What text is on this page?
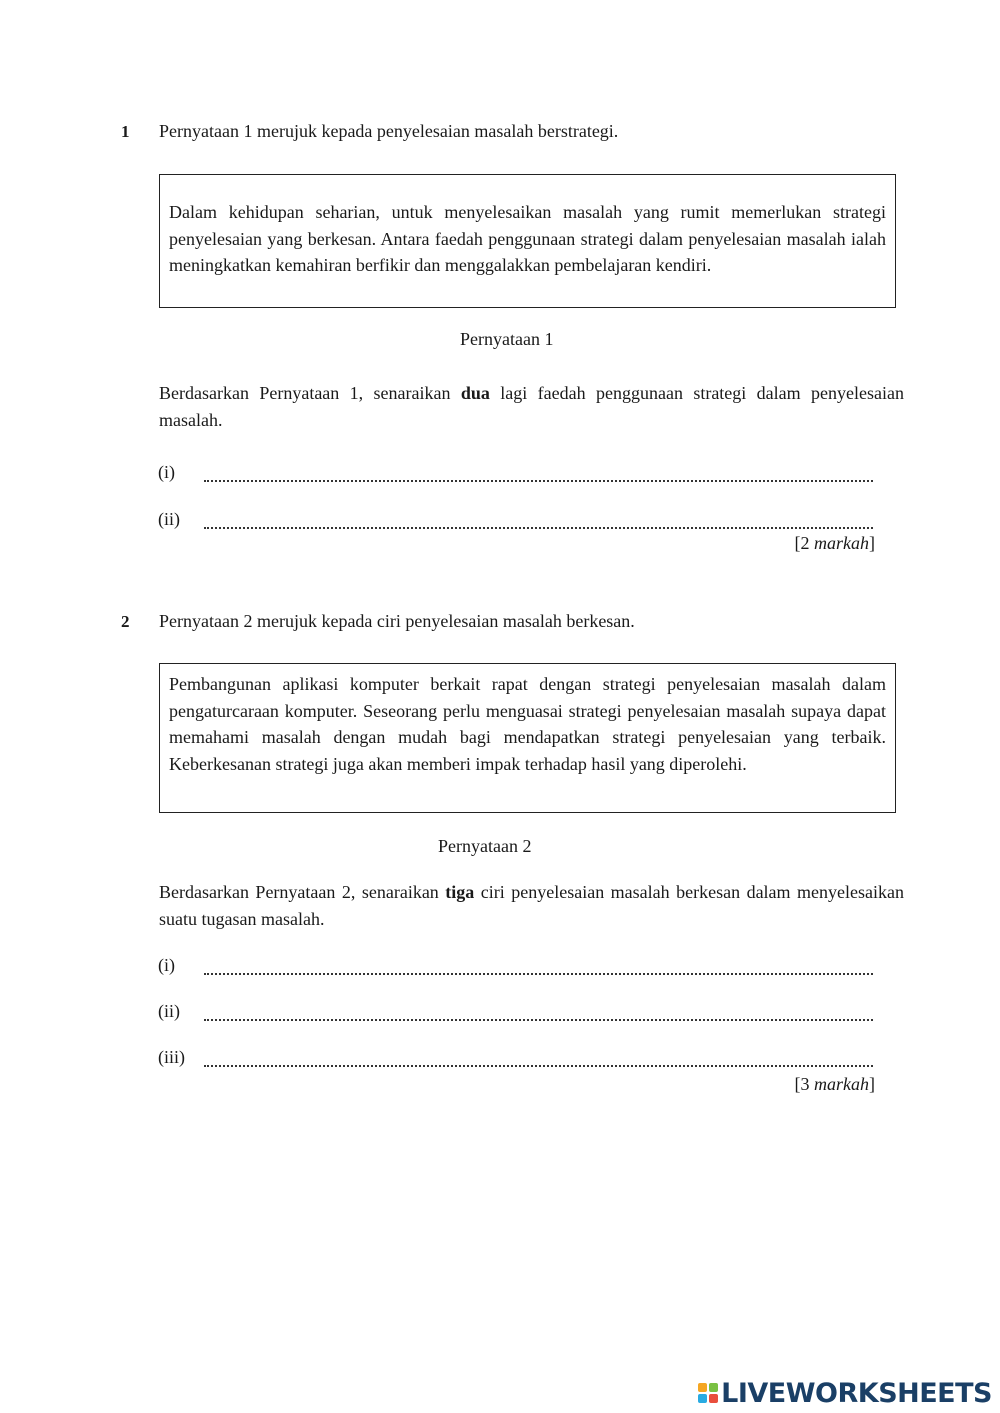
1 Pernyataan 1 merujuk kepada penyelesaian masalah berstrategi.
Dalam kehidupan seharian, untuk menyelesaikan masalah yang rumit memerlukan strategi penyelesaian yang berkesan. Antara faedah penggunaan strategi dalam penyelesaian masalah ialah meningkatkan kemahiran berfikir dan menggalakkan pembelajaran kendiri.
Pernyataan 1
Berdasarkan Pernyataan 1, senaraikan dua lagi faedah penggunaan strategi dalam penyelesaian masalah.
(i)
(ii)
[2 markah]
2 Pernyataan 2 merujuk kepada ciri penyelesaian masalah berkesan.
Pembangunan aplikasi komputer berkait rapat dengan strategi penyelesaian masalah dalam pengaturcaraan komputer. Seseorang perlu menguasai strategi penyelesaian masalah supaya dapat memahami masalah dengan mudah bagi mendapatkan strategi penyelesaian yang terbaik. Keberkesanan strategi juga akan memberi impak terhadap hasil yang diperolehi.
Pernyataan 2
Berdasarkan Pernyataan 2, senaraikan tiga ciri penyelesaian masalah berkesan dalam menyelesaikan suatu tugasan masalah.
(i)
(ii)
(iii)
[3 markah]
LIVEWORKSHEETS
